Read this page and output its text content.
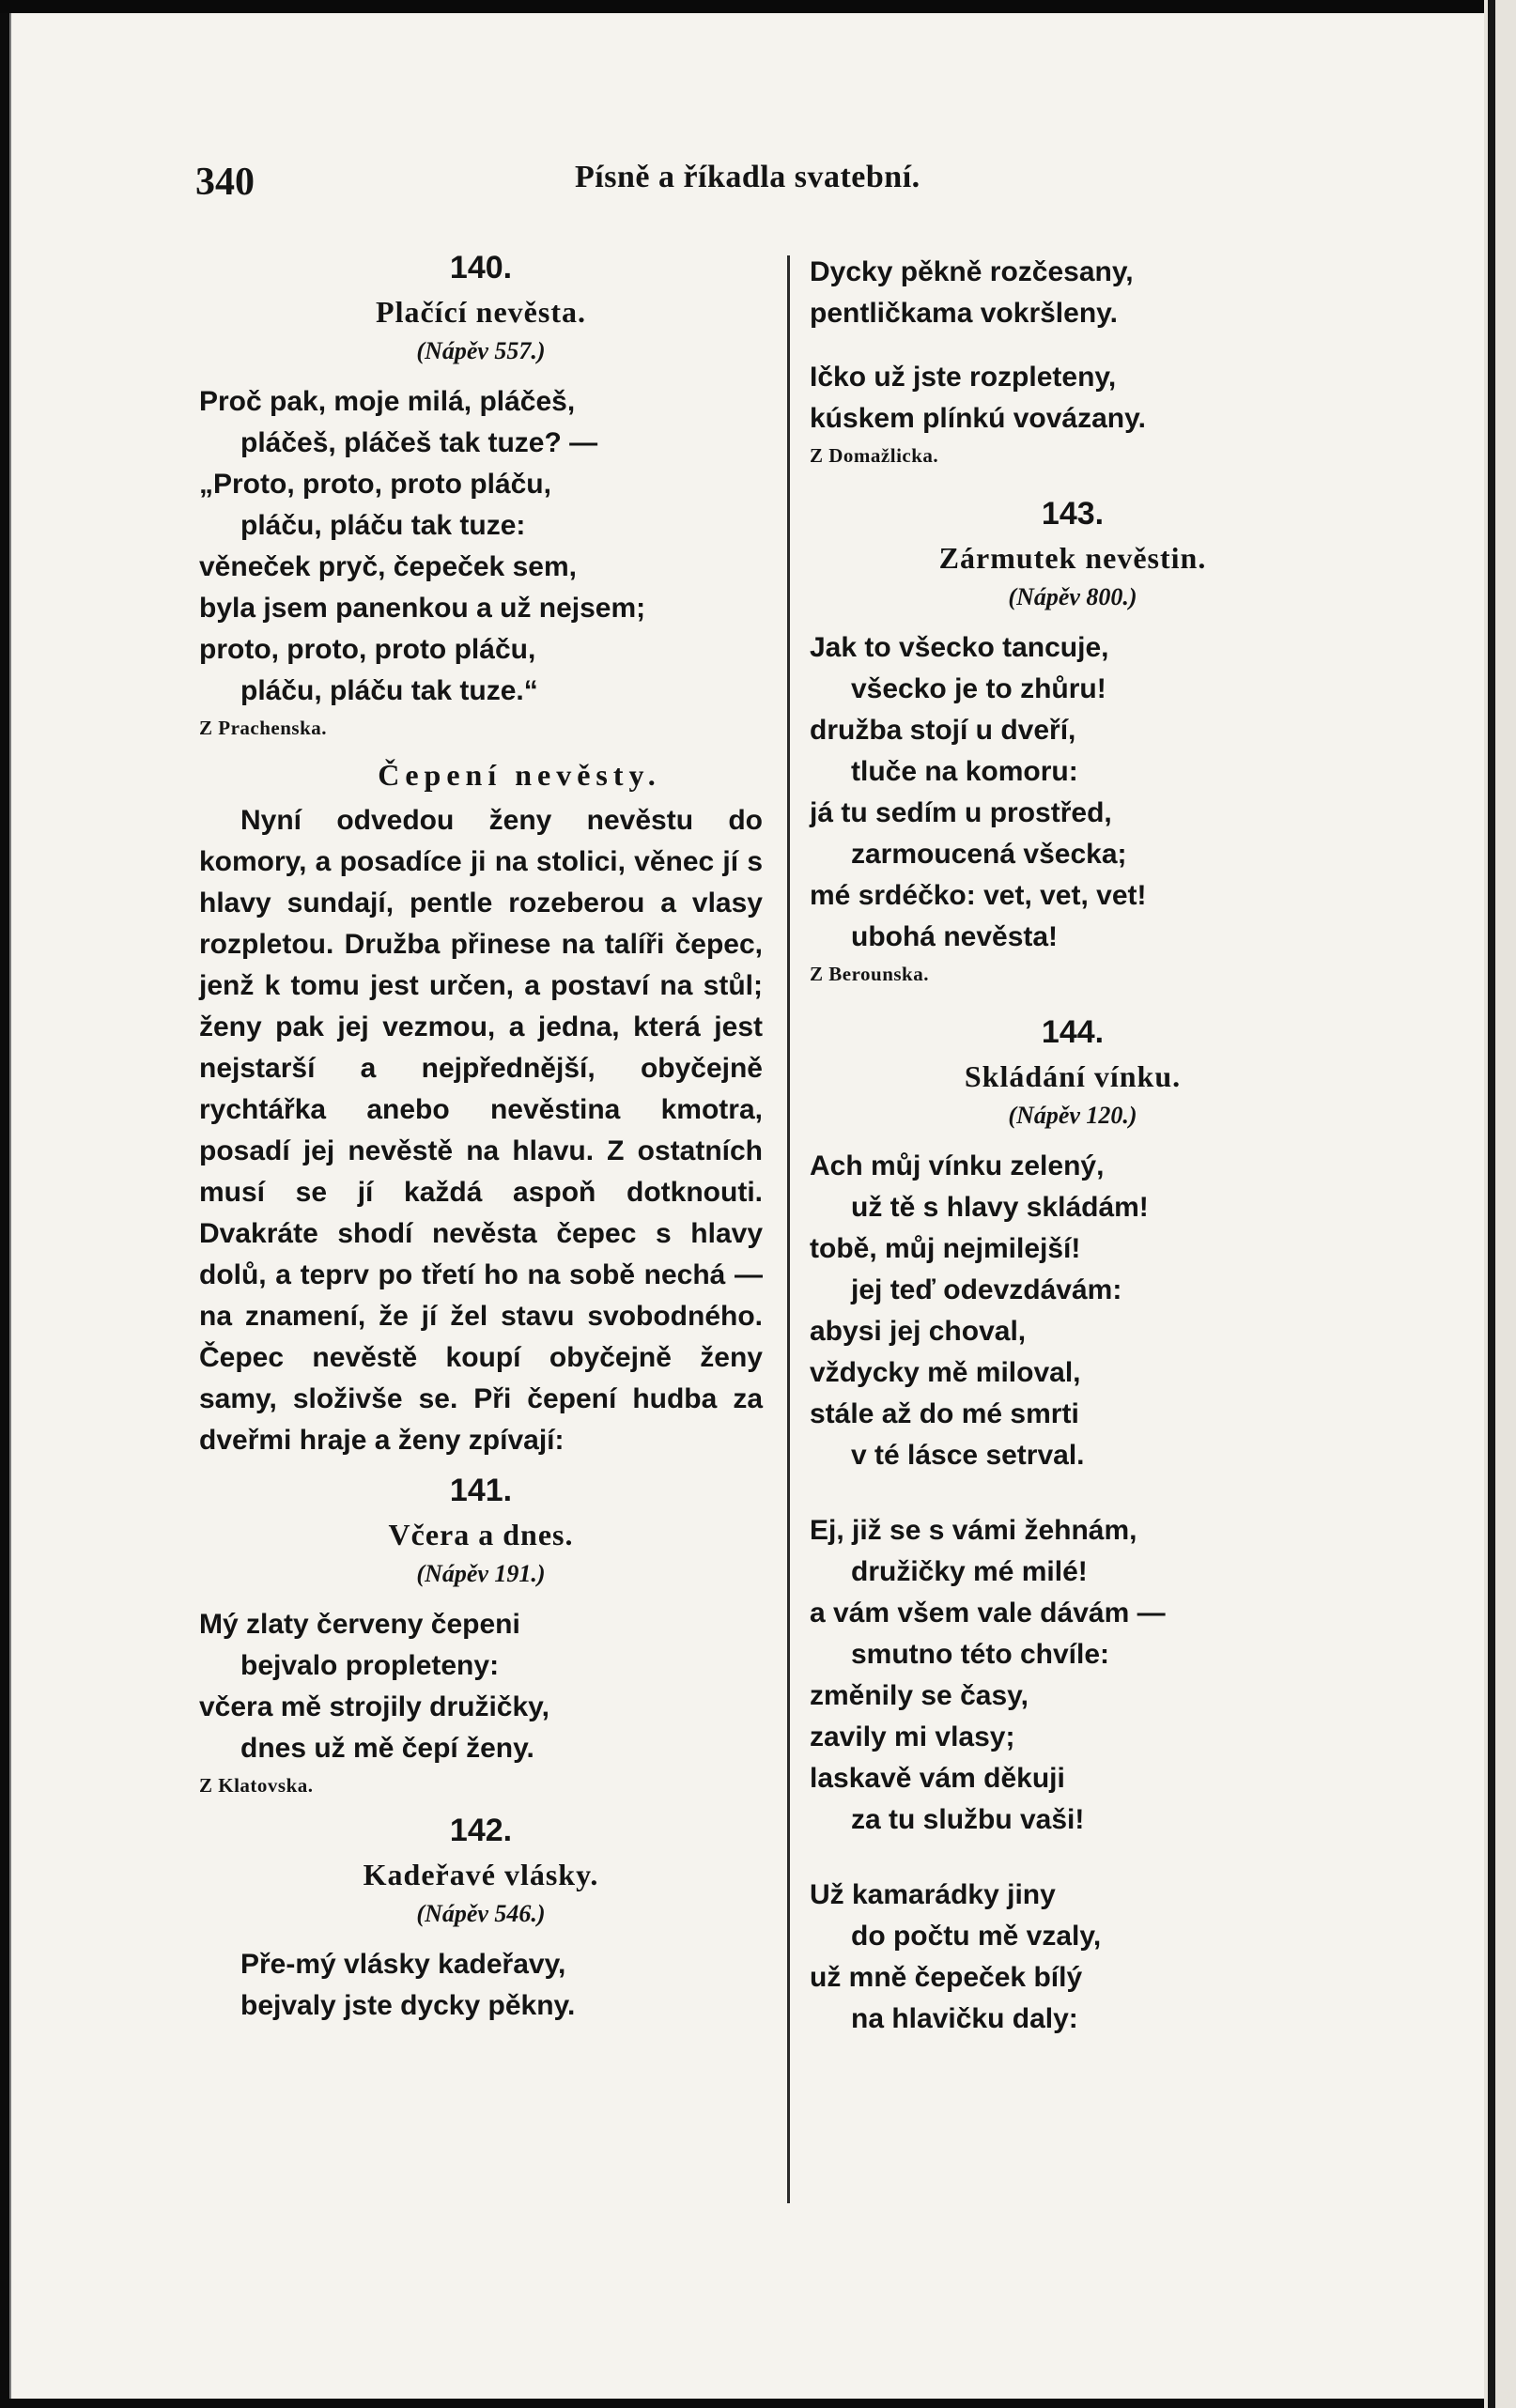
340	Písně a říkadla svatební.
140.
Plačící nevěsta.
(Nápěv 557.)
Proč pak, moje milá, pláčeš,
pláčeš, pláčeš tak tuze? —
„Proto, proto, proto pláču,
pláču, pláču tak tuze:
věneček pryč, čepeček sem,
byla jsem panenkou a už nejsem;
proto, proto, proto pláču,
pláču, pláču tak tuze.“
Z Prachenska.
Čepení nevěsty.
Nyní odvedou ženy nevěstu do komory, a posadíce ji na stolici, věnec jí s hlavy sundají, pentle rozeberou a vlasy rozpletou. Družba přinese na talíři čepec, jenž k tomu jest určen, a postaví na stůl; ženy pak jej vezmou, a jedna, která jest nejstarší a nejpřednější, obyčejně rychtářka anebo nevěstina kmotra, posadí jej nevěstě na hlavu. Z ostatních musí se jí každá aspoň dotknouti. Dvakráte shodí nevěsta čepec s hlavy dolů, a teprv po třetí ho na sobě nechá — na znamení, že jí žel stavu svobodného. Čepec nevěstě koupí obyčejně ženy samy, složivše se. Při čepení hudba za dveřmi hraje a ženy zpívají:
141.
Včera a dnes.
(Nápěv 191.)
Mý zlaty červeny čepeni
bejvalo propleteny:
včera mě strojily družičky,
dnes už mě čepí ženy.
Z Klatovska.
142.
Kadeřavé vlásky.
(Nápěv 546.)
Pře-mý vlásky kadeřavy,
bejvaly jste dycky pěkny.
Dycky pěkně rozčesany,
pentličkama vokršleny.
Ičko už jste rozpleteny,
kúskem plínkú vovázany.
Z Domažlicka.
143.
Zármutek nevěstin.
(Nápěv 800.)
Jak to všecko tancuje,
všecko je to zhůru!
družba stojí u dveří,
tluče na komoru:
já tu sedím u prostřed,
zarmoucená všecka;
mé srdéčko: vet, vet, vet!
ubohá nevěsta!
Z Berounska.
144.
Skládání vínku.
(Nápěv 120.)
Ach můj vínku zelený,
už tě s hlavy skládám!
tobě, můj nejmilejší!
jej teď odevzdávám:
abysi jej choval,
vždycky mě miloval,
stále až do mé smrti
v té lásce setrval.
Ej, již se s vámi žehnám,
družičky mé milé!
a vám všem vale dávám —
smutno této chvíle:
změnily se časy,
zavily mi vlasy;
laskavě vám děkuji
za tu službu vaši!
Už kamarádky jiny
do počtu mě vzaly,
už mně čepeček bílý
na hlavičku daly:
